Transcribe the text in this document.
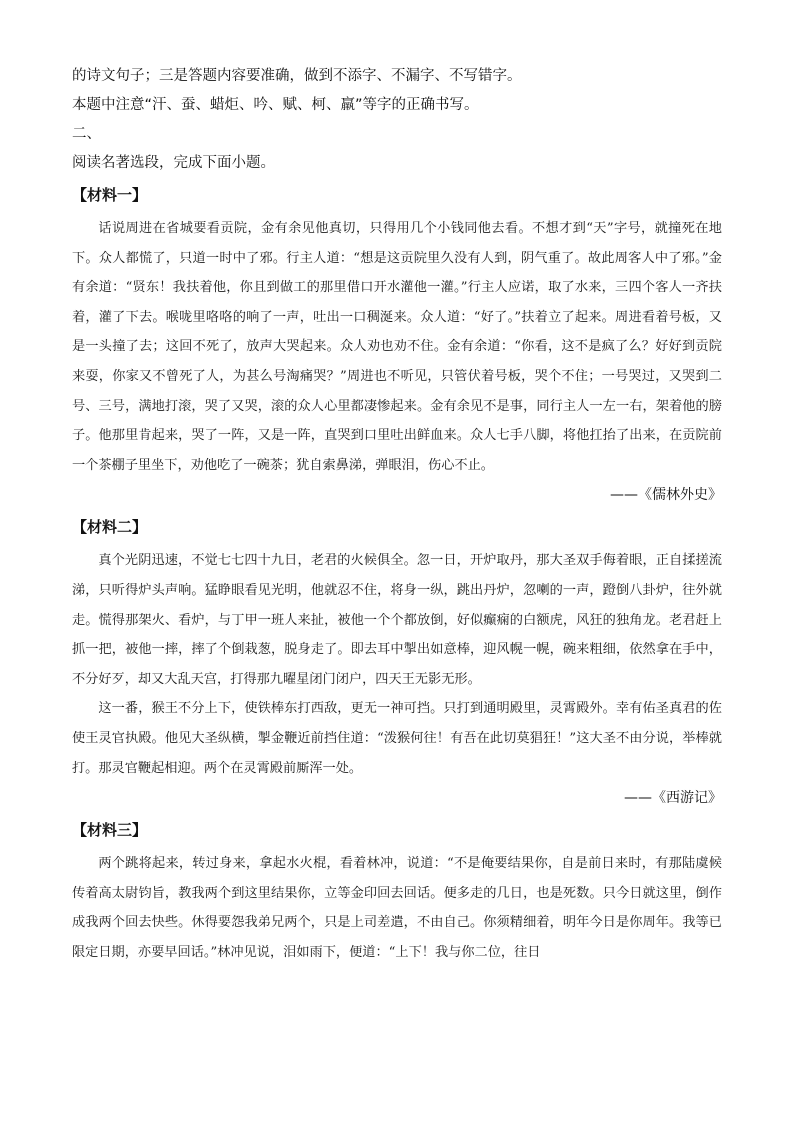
的诗文句子；三是答题内容要准确，做到不添字、不漏字、不写错字。

本题中注意“汗、蚕、蜡炬、吟、赋、柯、羸”等字的正确书写。

二、

阅读名著选段，完成下面小题。

【材料一】

话说周进在省城要看贡院，金有余见他真切，只得用几个小钱同他去看。不想才到“天”字号，就撞死在地下。众人都慌了，只道一时中了邪。行主人道：“想是这贡院里久没有人到，阴气重了。故此周客人中了邪。”金有余道：“贤东！我扶着他，你且到做工的那里借口开水灌他一灌。”行主人应诺，取了水来，三四个客人一齐扶着，灌了下去。喉咙里咯咯的响了一声，吐出一口稠涎来。众人道：“好了。”扶着立了起来。周进看着号板，又是一头撞了去；这回不死了，放声大哭起来。众人劝也劝不住。金有余道：“你看，这不是疯了么？好好到贡院来耍，你家又不曾死了人，为甚么号淘痛哭？”周进也不听见，只管伏着号板，哭个不住；一号哭过，又哭到二号、三号，满地打滚，哭了又哭，滚的众人心里都凄惨起来。金有余见不是事，同行主人一左一右，架着他的膀子。他那里肯起来，哭了一阵，又是一阵，直哭到口里吐出鲜血来。众人七手八脚，将他扛抬了出来，在贡院前一个茶棚子里坐下，劝他吃了一碗茶；犹自索鼻涕，弹眼泪，伤心不止。

——《儒林外史》

【材料二】

真个光阴迅速，不觉七七四十九日，老君的火候俱全。忽一日，开炉取丹，那大圣双手侮着眼，正自揉搓流涕，只听得炉头声响。猛睁眼看见光明，他就忍不住，将身一纵，跳出丹炉，忽喇的一声，蹬倒八卦炉，往外就走。慌得那架火、看炉，与丁甲一班人来扯，被他一个个都放倒，好似癫痫的白额虎，风狂的独角龙。老君赶上抓一把，被他一摔，摔了个倒栽葱，脱身走了。即去耳中掣出如意棒，迎风幌一幌，碗来粗细，依然拿在手中，不分好歹，却又大乱天宫，打得那九曜星闭门闭户，四天王无影无形。

这一番，猴王不分上下，使铁棒东打西敌，更无一神可挡。只打到通明殿里，灵霄殿外。幸有佑圣真君的佐使王灵官执殿。他见大圣纵横，掣金鞭近前挡住道：“泼猴何往！有吾在此切莫猖狂！”这大圣不由分说，举棒就打。那灵官鞭起相迎。两个在灵霄殿前厮浑一处。

——《西游记》

【材料三】

两个跳将起来，转过身来，拿起水火棍，看着林冲，说道：“不是俺要结果你，自是前日来时，有那陆虞候传着高太尉钧旨，教我两个到这里结果你，立等金印回去回话。便多走的几日，也是死数。只今日就这里，倒作成我两个回去快些。休得要怨我弟兄两个，只是上司差遣，不由自己。你须精细着，明年今日是你周年。我等已限定日期，亦要早回话。”林冲见说，泪如雨下，便道：“上下！我与你二位，往日
